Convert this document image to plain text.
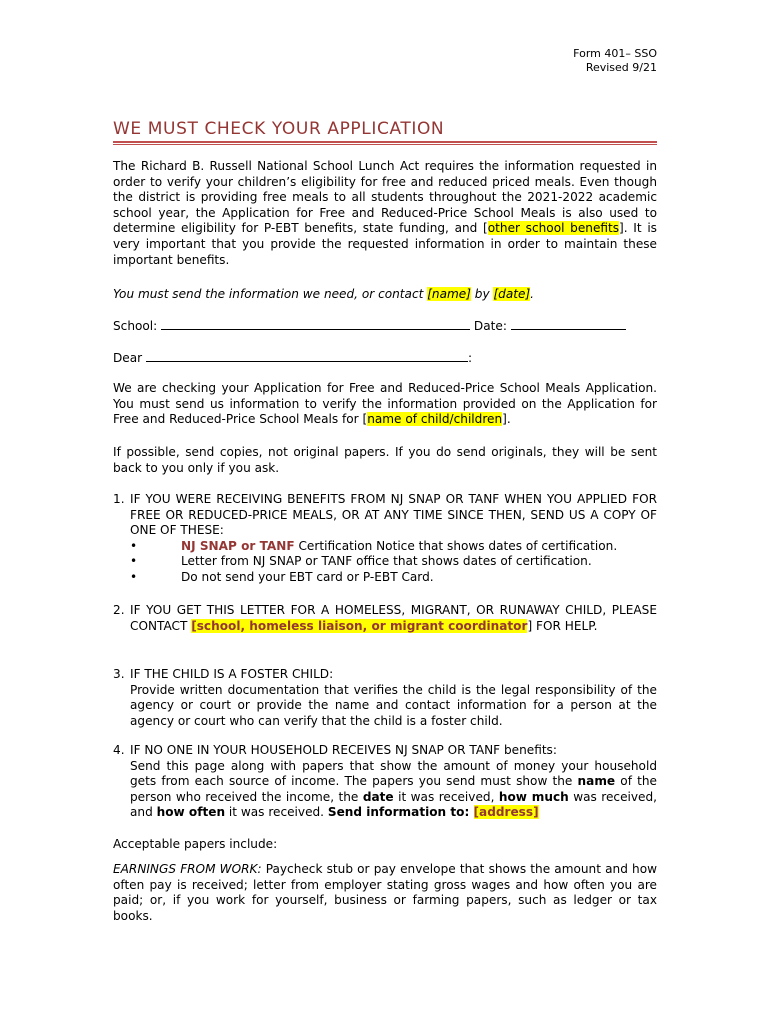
Form 401– SSO
Revised 9/21
WE MUST CHECK YOUR APPLICATION
The Richard B. Russell National School Lunch Act requires the information requested in order to verify your children’s eligibility for free and reduced priced meals. Even though the district is providing free meals to all students throughout the 2021-2022 academic school year, the Application for Free and Reduced-Price School Meals is also used to determine eligibility for P-EBT benefits, state funding, and [other school benefits]. It is very important that you provide the requested information in order to maintain these important benefits.
You must send the information we need, or contact [name] by [date].
School:	Date:
Dear	:
We are checking your Application for Free and Reduced-Price School Meals Application. You must send us information to verify the information provided on the Application for Free and Reduced-Price School Meals for [name of child/children].
If possible, send copies, not original papers. If you do send originals, they will be sent back to you only if you ask.
1. IF YOU WERE RECEIVING BENEFITS FROM NJ SNAP OR TANF WHEN YOU APPLIED FOR FREE OR REDUCED-PRICE MEALS, OR AT ANY TIME SINCE THEN, SEND US A COPY OF ONE OF THESE:
•	NJ SNAP or TANF Certification Notice that shows dates of certification.
•	Letter from NJ SNAP or TANF office that shows dates of certification.
•	Do not send your EBT card or P-EBT Card.
2. IF YOU GET THIS LETTER FOR A HOMELESS, MIGRANT, OR RUNAWAY CHILD, PLEASE CONTACT [school, homeless liaison, or migrant coordinator] FOR HELP.
3. IF THE CHILD IS A FOSTER CHILD:
Provide written documentation that verifies the child is the legal responsibility of the agency or court or provide the name and contact information for a person at the agency or court who can verify that the child is a foster child.
4. IF NO ONE IN YOUR HOUSEHOLD RECEIVES NJ SNAP OR TANF benefits:
Send this page along with papers that show the amount of money your household gets from each source of income. The papers you send must show the name of the person who received the income, the date it was received, how much was received, and how often it was received. Send information to: [address]
Acceptable papers include:
EARNINGS FROM WORK: Paycheck stub or pay envelope that shows the amount and how often pay is received; letter from employer stating gross wages and how often you are paid; or, if you work for yourself, business or farming papers, such as ledger or tax books.
